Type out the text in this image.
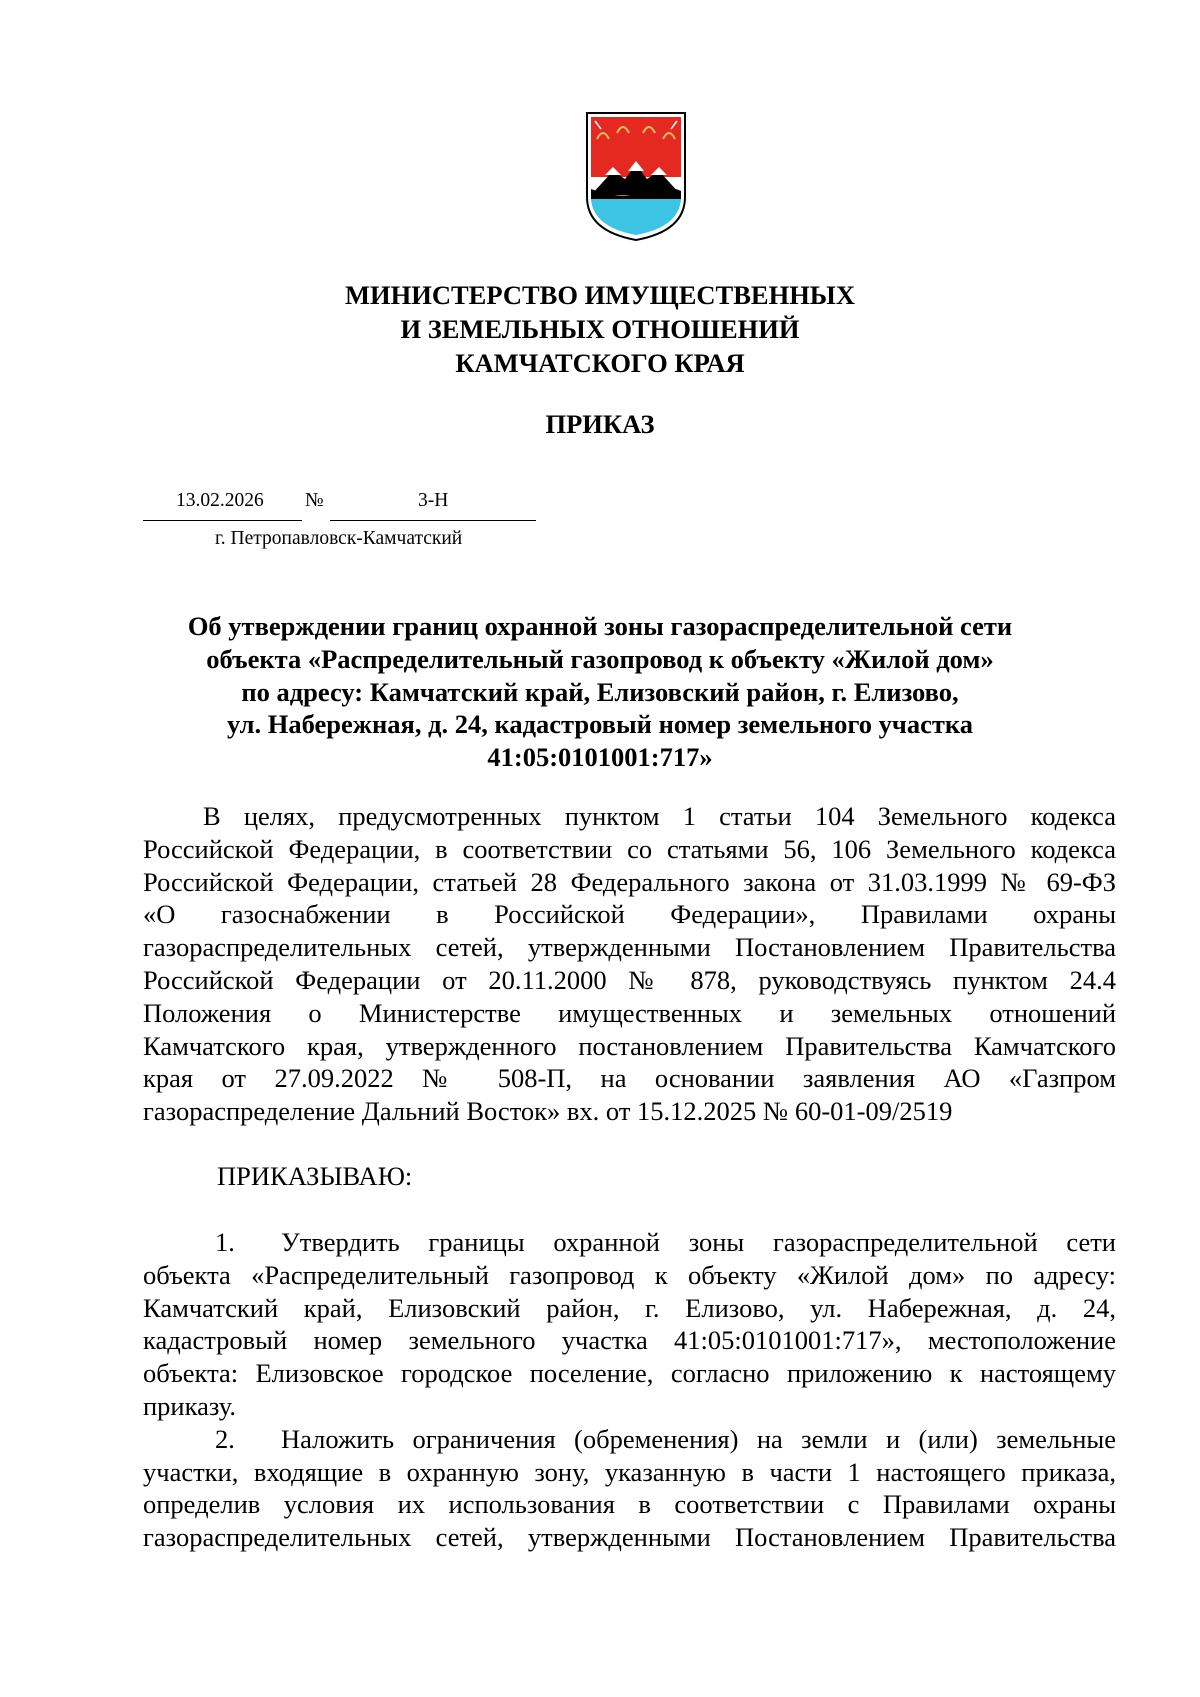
МИНИСТЕРСТВО ИМУЩЕСТВЕННЫХ
И ЗЕМЕЛЬНЫХ ОТНОШЕНИЙ
КАМЧАТСКОГО КРАЯ
ПРИКАЗ
13.02.2026 №	3-Н
г. Петропавловск-Камчатский
Об утверждении границ охранной зоны газораспределительной сети
объекта «Распределительный газопровод к объекту «Жилой дом»
по адресу: Камчатский край, Елизовский район, г. Елизово,
ул. Набережная, д. 24, кадастровый номер земельного участка
41:05:0101001:717»
В целях, предусмотренных пунктом 1 статьи 104 Земельного кодекса
Российской Федерации, в соответствии со статьями 56, 106 Земельного кодекса
Российской Федерации, статьей 28 Федерального закона от 31.03.1999 № 69-ФЗ
«О газоснабжении в Российской Федерации», Правилами охраны
газораспределительных сетей, утвержденными Постановлением Правительства
Российской Федерации от 20.11.2000 № 878, руководствуясь пунктом 24.4
Положения о Министерстве имущественных и земельных отношений
Камчатского края, утвержденного постановлением Правительства Камчатского
края от 27.09.2022 № 508-П, на основании заявления АО «Газпром
газораспределение Дальний Восток» вх. от 15.12.2025 № 60-01-09/2519
ПРИКАЗЫВАЮ:
1. Утвердить границы охранной зоны газораспределительной сети
объекта «Распределительный газопровод к объекту «Жилой дом» по адресу:
Камчатский край, Елизовский район, г. Елизово, ул. Набережная, д. 24,
кадастровый номер земельного участка 41:05:0101001:717», местоположение
объекта: Елизовское городское поселение, согласно приложению к настоящему
приказу.
2. Наложить ограничения (обременения) на земли и (или) земельные
участки, входящие в охранную зону, указанную в части 1 настоящего приказа,
определив условия их использования в соответствии с Правилами охраны
газораспределительных сетей, утвержденными Постановлением Правительства
